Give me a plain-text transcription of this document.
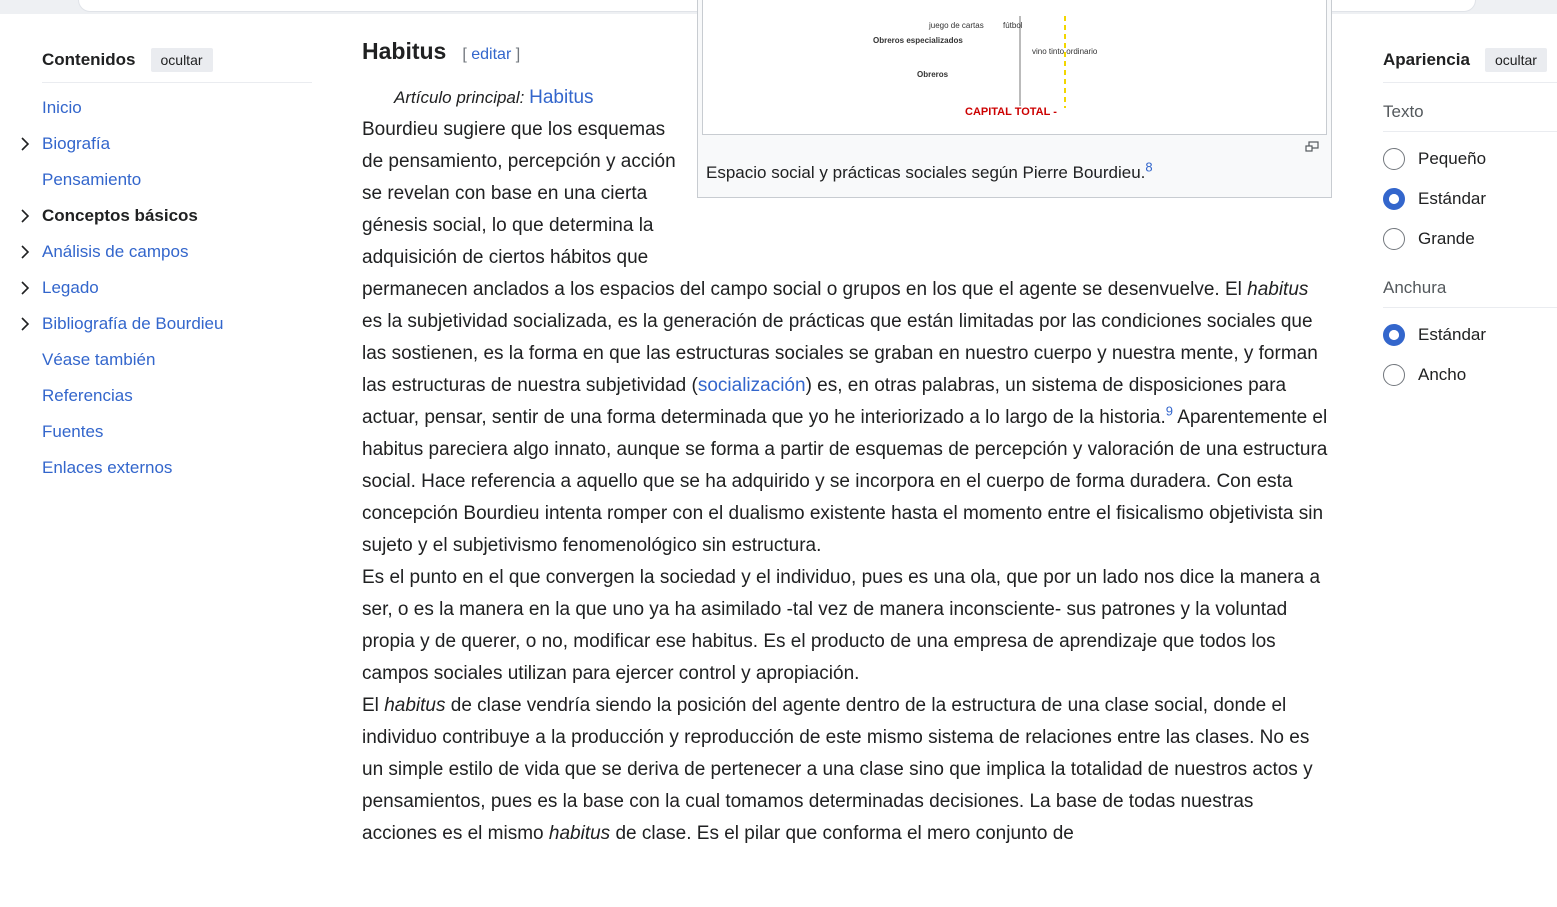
Contenidos	ocultar
Inicio
Biografía
Pensamiento
Conceptos básicos
Análisis de campos
Legado
Bibliografía de Bourdieu
Véase también
Referencias
Fuentes
Enlaces externos
Apariencia	ocultar
Texto
Pequeño
Estándar
Grande
Anchura
Estándar
Ancho
Habitus [ editar ]
Artículo principal: Habitus

Bourdieu sugiere que los esquemas de pensamiento, percepción y acción se revelan con base en una cierta génesis social, lo que determina la adquisición de ciertos hábitos que permanecen anclados a los espacios del campo social o grupos en los que el agente se desenvuelve. El habitus es la subjetividad socializada, es la generación de prácticas que están limitadas por las condiciones sociales que las sostienen, es la forma en que las estructuras sociales se graban en nuestro cuerpo y nuestra mente, y forman las estructuras de nuestra subjetividad (socialización) es, en otras palabras, un sistema de disposiciones para actuar, pensar, sentir de una forma determinada que yo he interiorizado a lo largo de la historia.$^9$ Aparentemente el habitus pareciera algo innato, aunque se forma a partir de esquemas de percepción y valoración de una estructura social. Hace referencia a aquello que se ha adquirido y se incorpora en el cuerpo de forma duradera. Con esta concepción Bourdieu intenta romper con el dualismo existente hasta el momento entre el fisicalismo objetivista sin sujeto y el subjetivismo fenomenológico sin estructura.

Es el punto en el que convergen la sociedad y el individuo, pues es una ola, que por un lado nos dice la manera a ser, o es la manera en la que uno ya ha asimilado -tal vez de manera inconsciente- sus patrones y la voluntad propia y de querer, o no, modificar ese habitus. Es el producto de una empresa de aprendizaje que todos los campos sociales utilizan para ejercer control y apropiación.

El habitus de clase vendría siendo la posición del agente dentro de la estructura de una clase social, donde el individuo contribuye a la producción y reproducción de este mismo sistema de relaciones entre las clases. No es un simple estilo de vida que se deriva de pertenecer a una clase sino que implica la totalidad de nuestros actos y pensamientos, pues es la base con la cual tomamos determinadas decisiones. La base de todas nuestras acciones es el mismo habitus de clase. Es el pilar que conforma el mero conjunto de

juego de cartas fútbol
Obreros especializados
vino tinto ordinario
Obreros
CAPITAL TOTAL -
Espacio social y prácticas sociales según Pierre Bourdieu.$^8$
